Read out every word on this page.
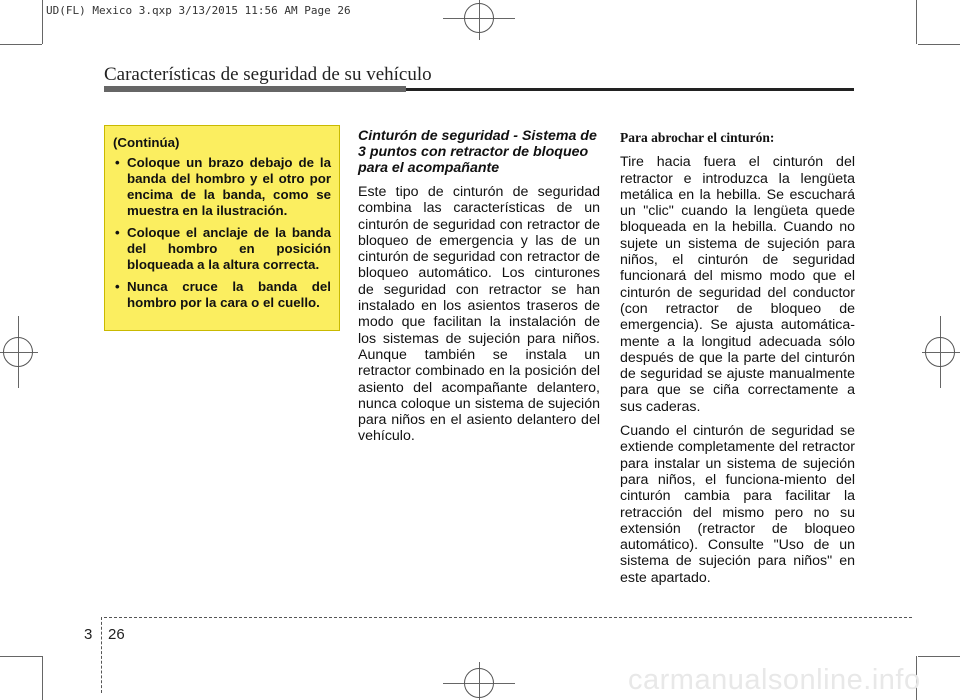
UD(FL) Mexico 3.qxp 3/13/2015 11:56 AM Page 26
Características de seguridad de su vehículo
(Continúa)
• Coloque un brazo debajo de la banda del hombro y el otro por encima de la banda, como se muestra en la ilustración.
• Coloque el anclaje de la banda del hombro en posición bloqueada a la altura correcta.
• Nunca cruce la banda del hombro por la cara o el cuello.

Cinturón de seguridad - Sistema de 3 puntos con retractor de bloqueo para el acompañante

Este tipo de cinturón de seguridad combina las características de un cinturón de seguridad con retractor de bloqueo de emergencia y las de un cinturón de seguridad con retractor de bloqueo automático. Los cinturones de seguridad con retractor se han instalado en los asientos traseros de modo que facilitan la instalación de los sistemas de sujeción para niños. Aunque también se instala un retractor combinado en la posición del asiento del acompañante delantero, nunca coloque un sistema de sujeción para niños en el asiento delantero del vehículo.

Para abrochar el cinturón:

Tire hacia fuera el cinturón del retractor e introduzca la lengüeta metálica en la hebilla. Se escuchará un "clic" cuando la lengüeta quede bloqueada en la hebilla. Cuando no sujete un sistema de sujeción para niños, el cinturón de seguridad funcionará del mismo modo que el cinturón de seguridad del conductor (con retractor de bloqueo de emergencia). Se ajusta automática-mente a la longitud adecuada sólo después de que la parte del cinturón de seguridad se ajuste manualmente para que se ciña correctamente a sus caderas.

Cuando el cinturón de seguridad se extiende completamente del retractor para instalar un sistema de sujeción para niños, el funciona-miento del cinturón cambia para facilitar la retracción del mismo pero no su extensión (retractor de bloqueo automático). Consulte "Uso de un sistema de sujeción para niños" en este apartado.

3 26
carmanualsonline.info
